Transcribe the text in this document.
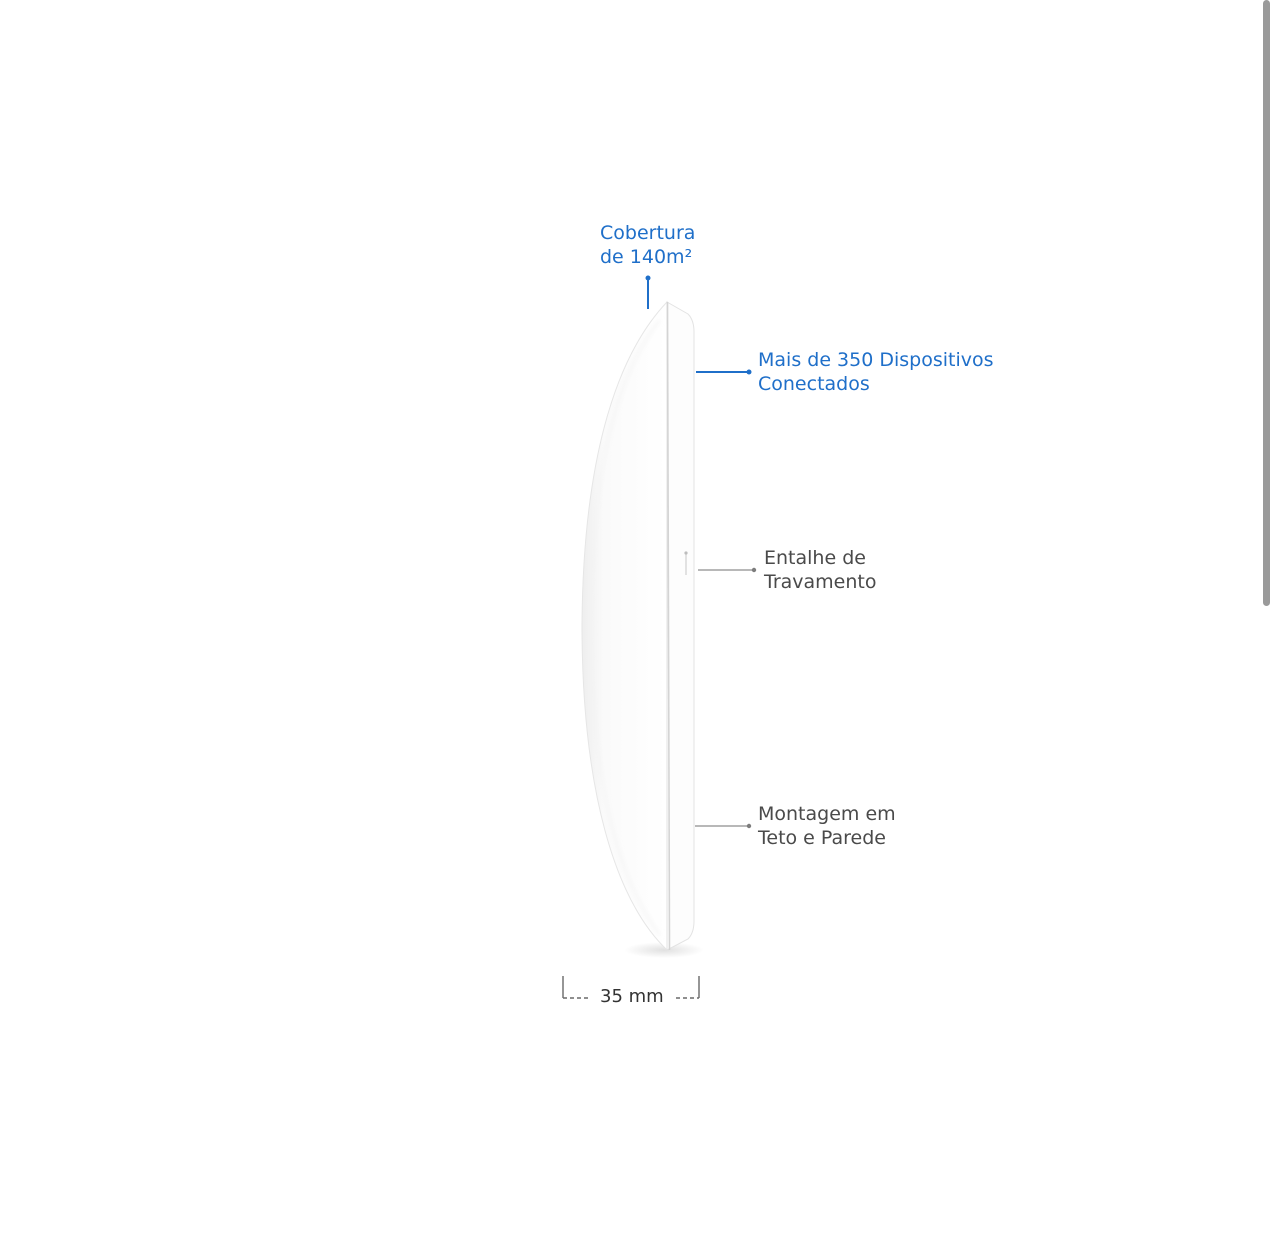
Cobertura
de 140m²
Mais de 350 Dispositivos
Conectados
Entalhe de
Travamento
Montagem em
Teto e Parede
35 mm
